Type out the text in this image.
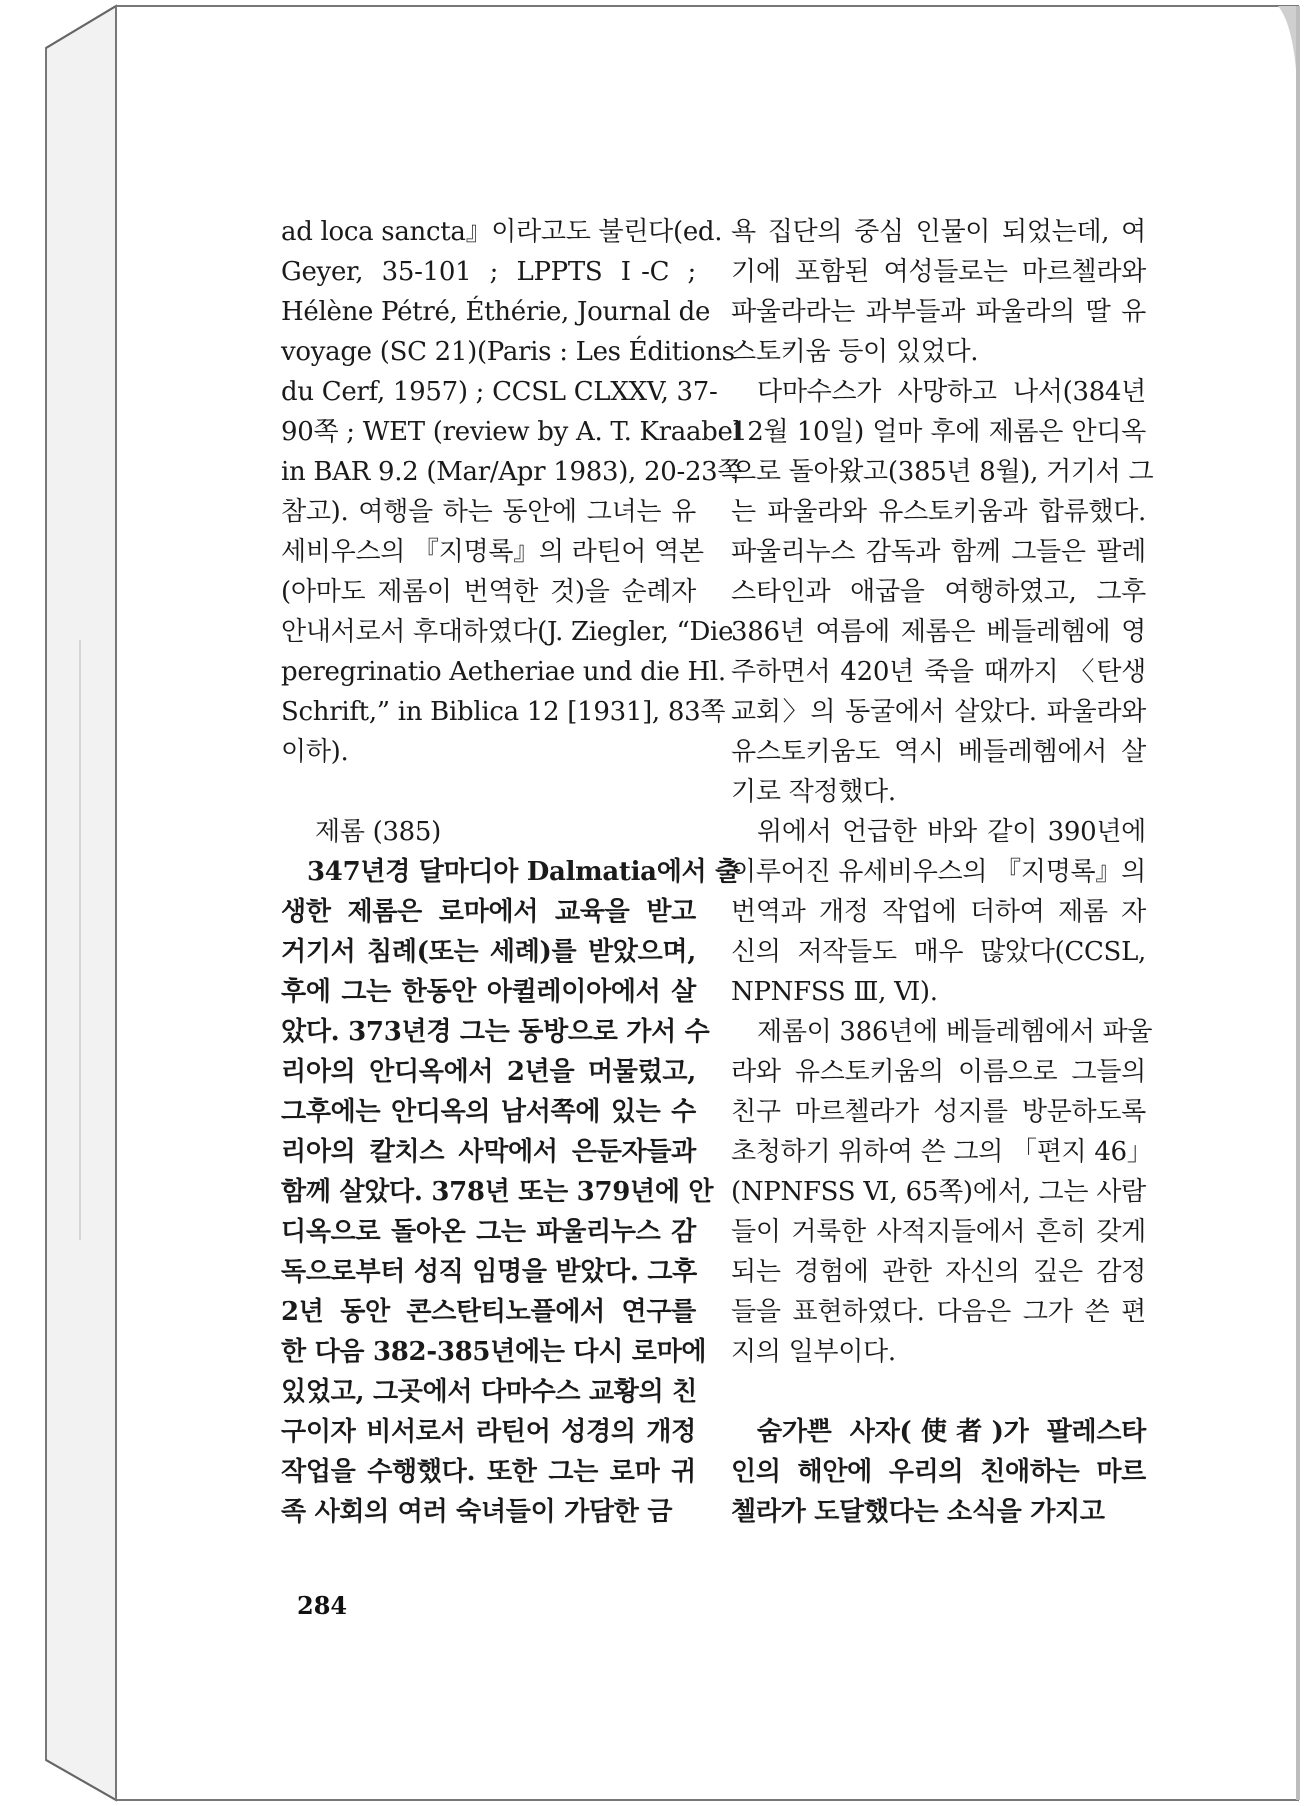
ad loca sancta』이라고도 불린다(ed.
Geyer, 35-101 ; LPPTS Ⅰ-C ;
Hélène Pétré, Éthérie, Journal de
voyage (SC 21)(Paris : Les Éditions
du Cerf, 1957) ; CCSL CLXXV, 37-
90쪽 ; WET (review by A. T. Kraabel
in BAR 9.2 (Mar/Apr 1983), 20-23쪽
참고). 여행을 하는 동안에 그녀는 유
세비우스의 『지명록』의 라틴어 역본
(아마도 제롬이 번역한 것)을 순례자
안내서로서 후대하였다(J. Ziegler, “Die
peregrinatio Aetheriae und die Hl.
Schrift,” in Biblica 12 [1931], 83쪽
이하).
제롬 (385)
347년경 달마디아 Dalmatia에서 출
생한 제롬은 로마에서 교육을 받고
거기서 침례(또는 세례)를 받았으며,
후에 그는 한동안 아퀼레이아에서 살
았다. 373년경 그는 동방으로 가서 수
리아의 안디옥에서 2년을 머물렀고,
그후에는 안디옥의 남서쪽에 있는 수
리아의 칼치스 사막에서 은둔자들과
함께 살았다. 378년 또는 379년에 안
디옥으로 돌아온 그는 파울리누스 감
독으로부터 성직 임명을 받았다. 그후
2년 동안 콘스탄티노플에서 연구를
한 다음 382-385년에는 다시 로마에
있었고, 그곳에서 다마수스 교황의 친
구이자 비서로서 라틴어 성경의 개정
작업을 수행했다. 또한 그는 로마 귀
족 사회의 여러 숙녀들이 가담한 금
욕 집단의 중심 인물이 되었는데, 여
기에 포함된 여성들로는 마르첼라와
파울라라는 과부들과 파울라의 딸 유
스토키움 등이 있었다.
다마수스가 사망하고 나서(384년
12월 10일) 얼마 후에 제롬은 안디옥
으로 돌아왔고(385년 8월), 거기서 그
는 파울라와 유스토키움과 합류했다.
파울리누스 감독과 함께 그들은 팔레
스타인과 애굽을 여행하였고, 그후
386년 여름에 제롬은 베들레헴에 영
주하면서 420년 죽을 때까지 〈탄생
교회〉의 동굴에서 살았다. 파울라와
유스토키움도 역시 베들레헴에서 살
기로 작정했다.
위에서 언급한 바와 같이 390년에
이루어진 유세비우스의 『지명록』의
번역과 개정 작업에 더하여 제롬 자
신의 저작들도 매우 많았다(CCSL,
NPNFSS Ⅲ, Ⅵ).
제롬이 386년에 베들레헴에서 파울
라와 유스토키움의 이름으로 그들의
친구 마르첼라가 성지를 방문하도록
초청하기 위하여 쓴 그의 「편지 46」
(NPNFSS Ⅵ, 65쪽)에서, 그는 사람
들이 거룩한 사적지들에서 흔히 갖게
되는 경험에 관한 자신의 깊은 감정
들을 표현하였다. 다음은 그가 쓴 편
지의 일부이다.
숨가쁜 사자(使者)가 팔레스타
인의 해안에 우리의 친애하는 마르
첼라가 도달했다는 소식을 가지고
284
